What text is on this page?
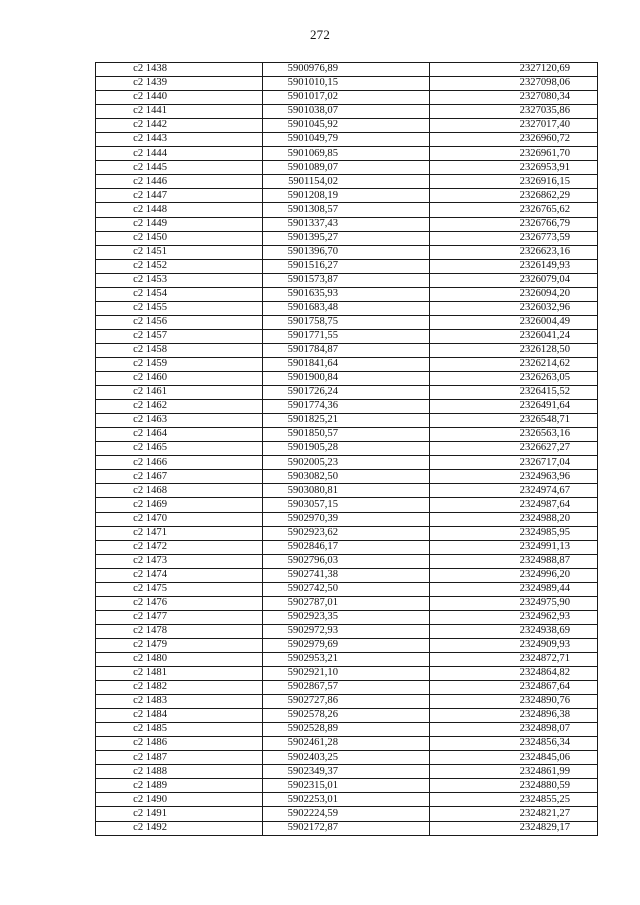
272
c2 1438	5900976,89	2327120,69
c2 1439	5901010,15	2327098,06
c2 1440	5901017,02	2327080,34
c2 1441	5901038,07	2327035,86
c2 1442	5901045,92	2327017,40
c2 1443	5901049,79	2326960,72
c2 1444	5901069,85	2326961,70
c2 1445	5901089,07	2326953,91
c2 1446	5901154,02	2326916,15
c2 1447	5901208,19	2326862,29
c2 1448	5901308,57	2326765,62
c2 1449	5901337,43	2326766,79
c2 1450	5901395,27	2326773,59
c2 1451	5901396,70	2326623,16
c2 1452	5901516,27	2326149,93
c2 1453	5901573,87	2326079,04
c2 1454	5901635,93	2326094,20
c2 1455	5901683,48	2326032,96
c2 1456	5901758,75	2326004,49
c2 1457	5901771,55	2326041,24
c2 1458	5901784,87	2326128,50
c2 1459	5901841,64	2326214,62
c2 1460	5901900,84	2326263,05
c2 1461	5901726,24	2326415,52
c2 1462	5901774,36	2326491,64
c2 1463	5901825,21	2326548,71
c2 1464	5901850,57	2326563,16
c2 1465	5901905,28	2326627,27
c2 1466	5902005,23	2326717,04
c2 1467	5903082,50	2324963,96
c2 1468	5903080,81	2324974,67
c2 1469	5903057,15	2324987,64
c2 1470	5902970,39	2324988,20
c2 1471	5902923,62	2324985,95
c2 1472	5902846,17	2324991,13
c2 1473	5902796,03	2324988,87
c2 1474	5902741,38	2324996,20
c2 1475	5902742,50	2324989,44
c2 1476	5902787,01	2324975,90
c2 1477	5902923,35	2324962,93
c2 1478	5902972,93	2324938,69
c2 1479	5902979,69	2324909,93
c2 1480	5902953,21	2324872,71
c2 1481	5902921,10	2324864,82
c2 1482	5902867,57	2324867,64
c2 1483	5902727,86	2324890,76
c2 1484	5902578,26	2324896,38
c2 1485	5902528,89	2324898,07
c2 1486	5902461,28	2324856,34
c2 1487	5902403,25	2324845,06
c2 1488	5902349,37	2324861,99
c2 1489	5902315,01	2324880,59
c2 1490	5902253,01	2324855,25
c2 1491	5902224,59	2324821,27
c2 1492	5902172,87	2324829,17
